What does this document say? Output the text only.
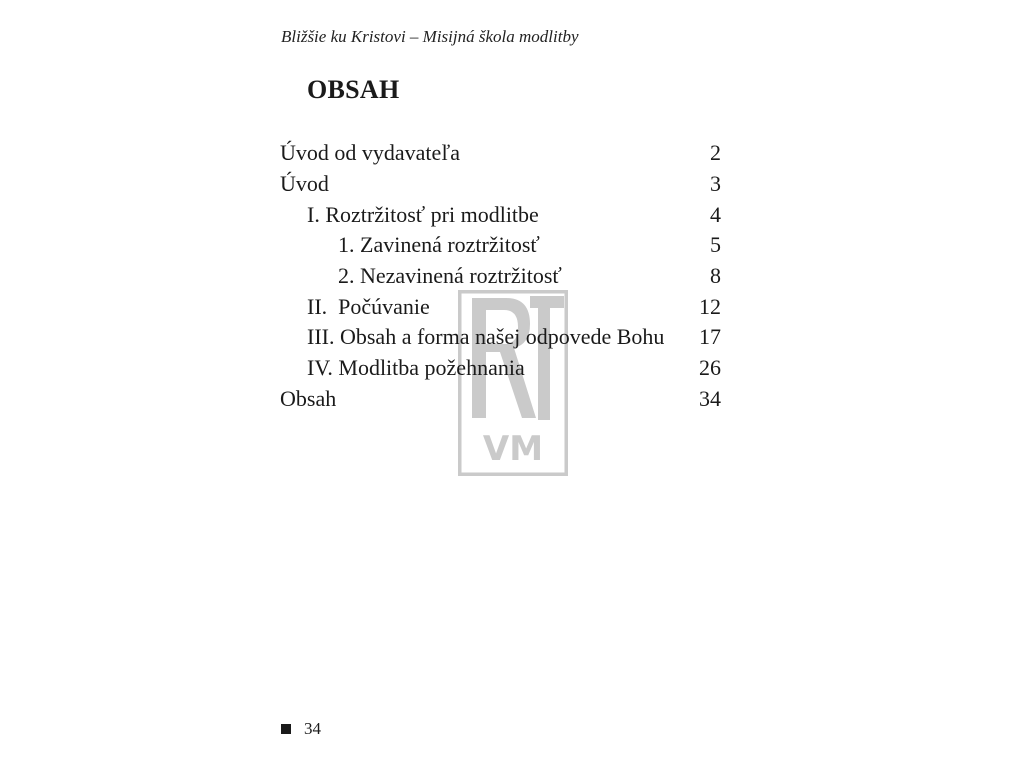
Bližšie ku Kristovi – Misijná škola modlitby
OBSAH
VM
Úvod od vydavateľa	2
Úvod	3
I. Roztržitosť pri modlitbe	4
1. Zavinená roztržitosť	5
2. Nezavinená roztržitosť	8
II.  Počúvanie	12
III. Obsah a forma našej odpovede Bohu 17
IV. Modlitba požehnania	26
Obsah	34
34
